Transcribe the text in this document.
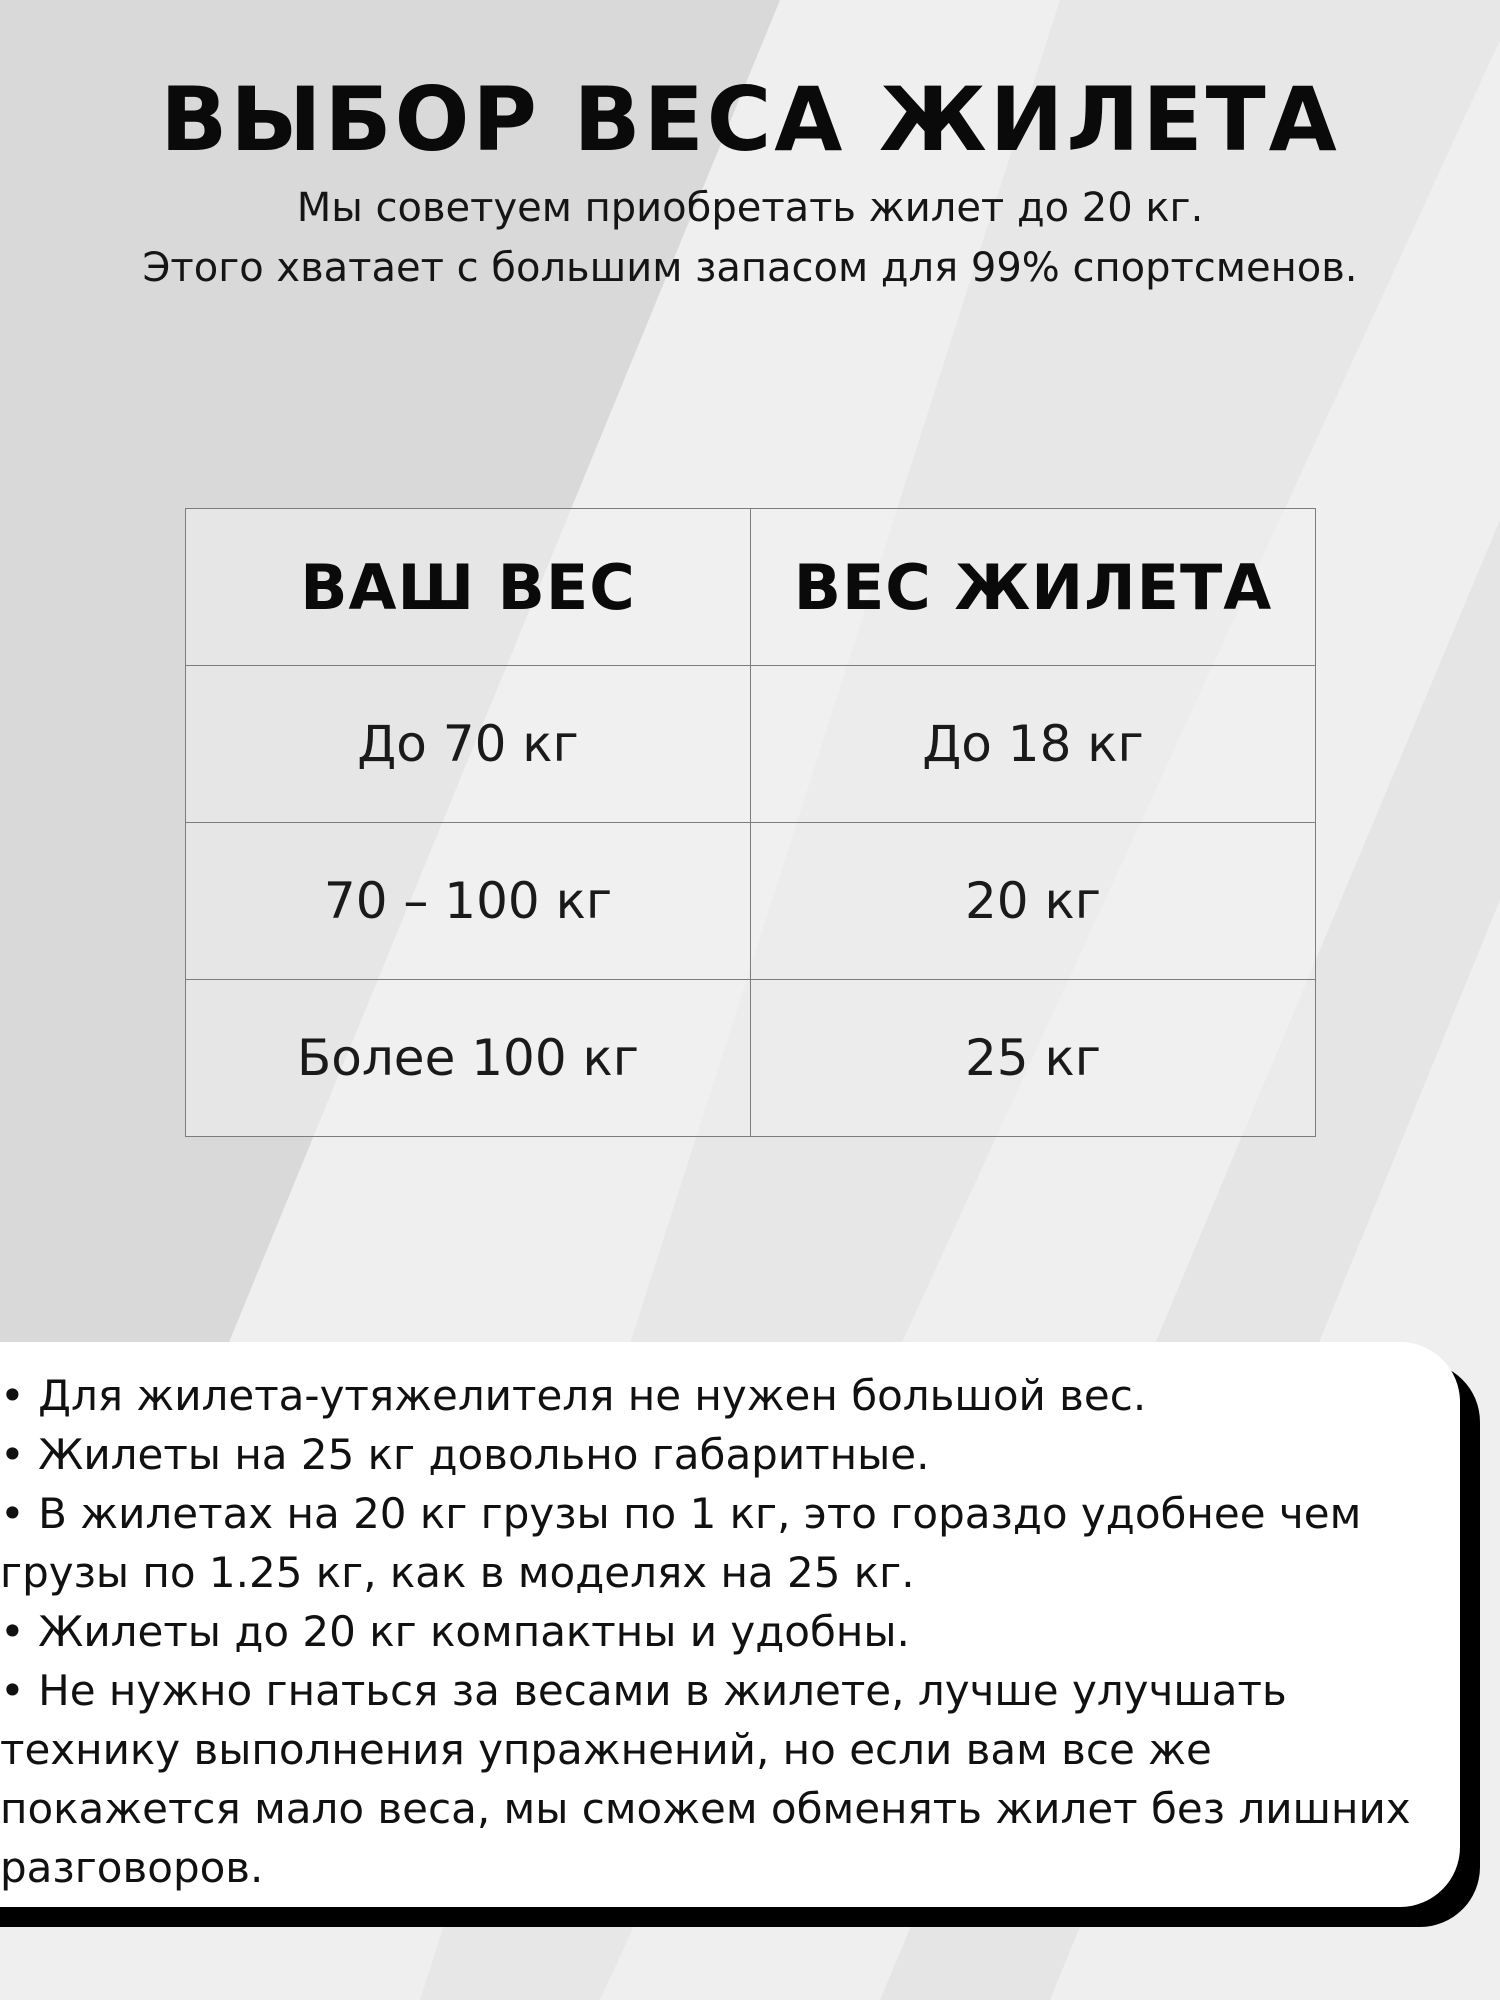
ВЫБОР ВЕСА ЖИЛЕТА
Мы советуем приобретать жилет до 20 кг.
Этого хватает с большим запасом для 99% спортсменов.
ВАШ ВЕС	ВЕС ЖИЛЕТА
До 70 кг	До 18 кг
70 – 100 кг	20 кг
Более 100 кг	25 кг
• Для жилета-утяжелителя не нужен большой вес.
• Жилеты на 25 кг довольно габаритные.
• В жилетах на 20 кг грузы по 1 кг, это гораздо удобнее чем грузы по 1.25 кг, как в моделях на 25 кг.
• Жилеты до 20 кг компактны и удобны.
• Не нужно гнаться за весами в жилете, лучше улучшать технику выполнения упражнений, но если вам все же покажется мало веса, мы сможем обменять жилет без лишних разговоров.
